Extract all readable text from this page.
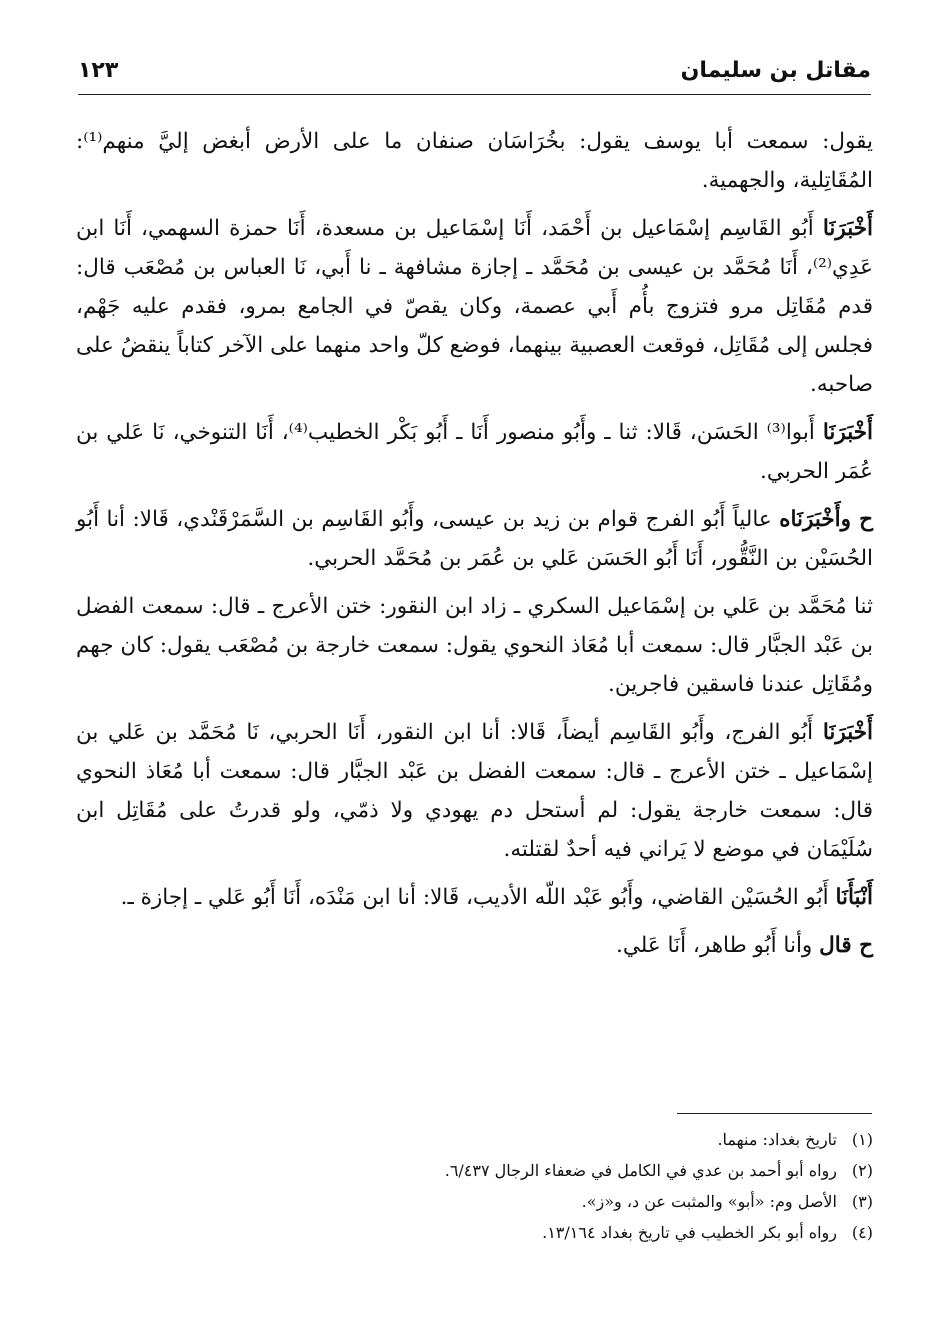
مقاتل بن سليمان
١٢٣

يقول: سمعت أبا يوسف يقول: بخُرَاسَان صنفان ما على الأرض أبغض إليَّ منهم⁽¹⁾: المُقَاتِلية، والجهمية.

أَخْبَرَنَا أَبُو القَاسِم إسْمَاعيل بن أَحْمَد، أَنَا إسْمَاعيل بن مسعدة، أَنَا حمزة السهمي، أَنَا ابن عَدِي⁽²⁾، أَنَا مُحَمَّد بن عيسى بن مُحَمَّد ـ إجازة مشافهة ـ نا أَبي، نَا العباس بن مُصْعَب قال: قدم مُقَاتِل مرو فتزوج بأُم أَبي عصمة، وكان يقصّ في الجامع بمرو، فقدم عليه جَهْم، فجلس إلى مُقَاتِل، فوقعت العصبية بينهما، فوضع كلّ واحد منهما على الآخر كتاباً ينقضُ على صاحبه.

أَخْبَرَنَا أَبوا⁽³⁾ الحَسَن، قَالا: ثنا ـ وأَبُو منصور أَنَا ـ أَبُو بَكْر الخطيب⁽⁴⁾، أَنَا التنوخي، نَا عَلي بن عُمَر الحربي.

ح وأَخْبَرَنَاه عالياً أَبُو الفرج قوام بن زيد بن عيسى، وأَبُو القَاسِم بن السَّمَرْقَنْدي، قَالا: أنا أَبُو الحُسَيْن بن النَّقُّور، أَنَا أَبُو الحَسَن عَلي بن عُمَر بن مُحَمَّد الحربي.

ثنا مُحَمَّد بن عَلي بن إسْمَاعيل السكري ـ زاد ابن النقور: ختن الأعرج ـ قال: سمعت الفضل بن عَبْد الجبَّار قال: سمعت أبا مُعَاذ النحوي يقول: سمعت خارجة بن مُصْعَب يقول: كان جهم ومُقَاتِل عندنا فاسقين فاجرين.

أَخْبَرَنَا أَبُو الفرج، وأَبُو القَاسِم أيضاً، قَالا: أنا ابن النقور، أَنَا الحربي، نَا مُحَمَّد بن عَلي بن إسْمَاعيل ـ ختن الأعرج ـ قال: سمعت الفضل بن عَبْد الجبَّار قال: سمعت أبا مُعَاذ النحوي قال: سمعت خارجة يقول: لم أستحل دم يهودي ولا ذمّي، ولو قدرتُ على مُقَاتِل ابن سُلَيْمَان في موضع لا يَراني فيه أحدٌ لقتلته.

أَنْبَأَنَا أَبُو الحُسَيْن القاضي، وأَبُو عَبْد اللّه الأديب، قَالا: أنا ابن مَنْدَه، أَنَا أَبُو عَلي ـ إجازة ـ.

ح قال وأنا أَبُو طاهر، أَنَا عَلي.

(١)
تاريخ بغداد: منهما.
(٢)
رواه أبو أحمد بن عدي في الكامل في ضعفاء الرجال ٦/٤٣٧.
(٣)
الأصل وم: «أبو» والمثبت عن د، و«ز».
(٤)
رواه أبو بكر الخطيب في تاريخ بغداد ١٣/١٦٤.
